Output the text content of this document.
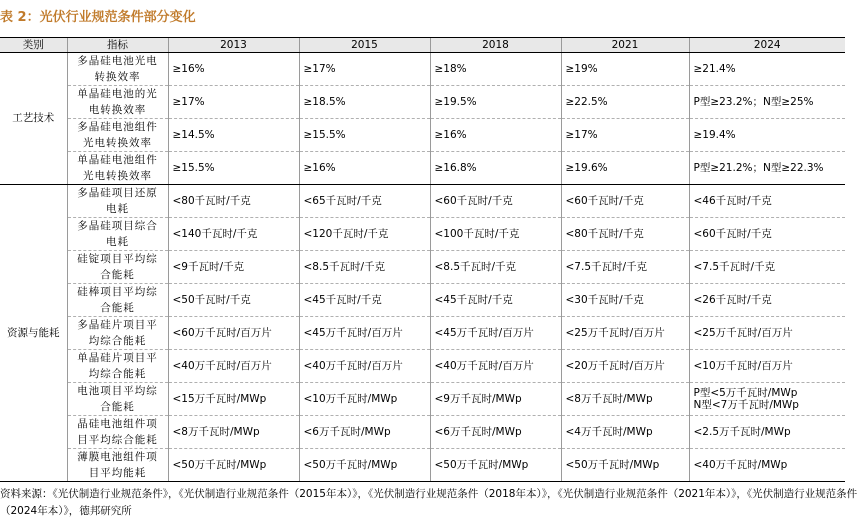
表 2：光伏行业规范条件部分变化
类别	指标	2013	2015	2018	2021	2024
工艺技术	多晶硅电池光电转换效率	≥16%	≥17%	≥18%	≥19%	≥21.4%
	单晶硅电池的光电转换效率	≥17%	≥18.5%	≥19.5%	≥22.5%	P型≥23.2%；N型≥25%
	多晶硅电池组件光电转换效率	≥14.5%	≥15.5%	≥16%	≥17%	≥19.4%
	单晶硅电池组件光电转换效率	≥15.5%	≥16%	≥16.8%	≥19.6%	P型≥21.2%；N型≥22.3%
资源与能耗	多晶硅项目还原电耗	<80千瓦时/千克	<65千瓦时/千克	<60千瓦时/千克	<60千瓦时/千克	<46千瓦时/千克
	多晶硅项目综合电耗	<140千瓦时/千克	<120千瓦时/千克	<100千瓦时/千克	<80千瓦时/千克	<60千瓦时/千克
	硅锭项目平均综合能耗	<9千瓦时/千克	<8.5千瓦时/千克	<8.5千瓦时/千克	<7.5千瓦时/千克	<7.5千瓦时/千克
	硅棒项目平均综合能耗	<50千瓦时/千克	<45千瓦时/千克	<45千瓦时/千克	<30千瓦时/千克	<26千瓦时/千克
	多晶硅片项目平均综合能耗	<60万千瓦时/百万片	<45万千瓦时/百万片	<45万千瓦时/百万片	<25万千瓦时/百万片	<25万千瓦时/百万片
	单晶硅片项目平均综合能耗	<40万千瓦时/百万片	<40万千瓦时/百万片	<40万千瓦时/百万片	<20万千瓦时/百万片	<10万千瓦时/百万片
	电池项目平均综合能耗	<15万千瓦时/MWp	<10万千瓦时/MWp	<9万千瓦时/MWp	<8万千瓦时/MWp	P型<5万千瓦时/MWp
N型<7万千瓦时/MWp
	晶硅电池组件项目平均综合能耗	<8万千瓦时/MWp	<6万千瓦时/MWp	<6万千瓦时/MWp	<4万千瓦时/MWp	<2.5万千瓦时/MWp
	薄膜电池组件项目平均能耗	<50万千瓦时/MWp	<50万千瓦时/MWp	<50万千瓦时/MWp	<50万千瓦时/MWp	<40万千瓦时/MWp
资料来源：《光伏制造行业规范条件》，《光伏制造行业规范条件（2015年本）》，《光伏制造行业规范条件（2018年本）》，《光伏制造行业规范条件（2021年本）》，《光伏制造行业规范条件（2024年本）》，德邦研究所
